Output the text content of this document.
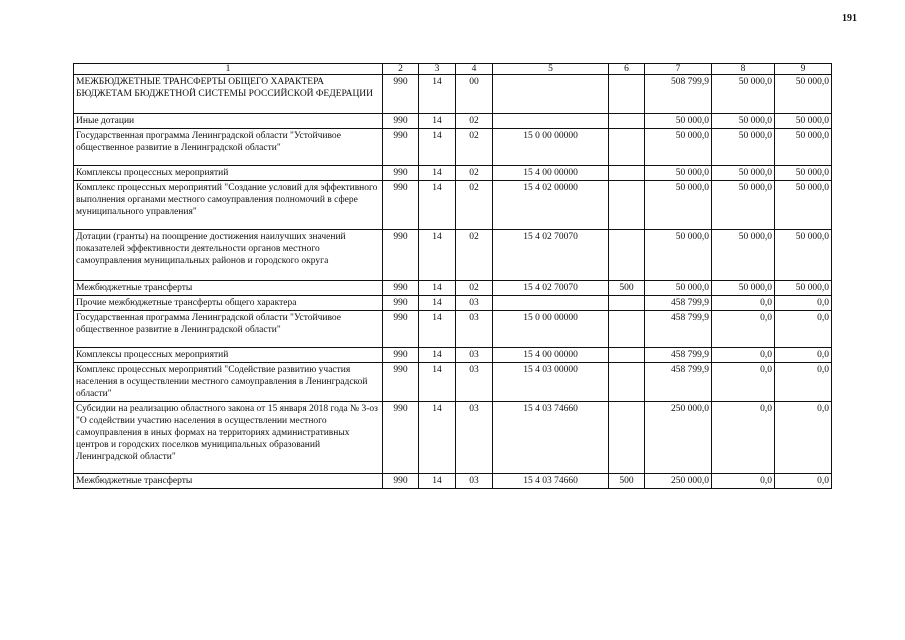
191
1	2	3	4	5	6	7	8	9
МЕЖБЮДЖЕТНЫЕ ТРАНСФЕРТЫ ОБЩЕГО ХАРАКТЕРА БЮДЖЕТАМ БЮДЖЕТНОЙ СИСТЕМЫ РОССИЙСКОЙ ФЕДЕРАЦИИ	990	14	00			508 799,9	50 000,0	50 000,0
Иные дотации	990	14	02			50 000,0	50 000,0	50 000,0
Государственная программа Ленинградской области "Устойчивое общественное развитие в Ленинградской области"	990	14	02	15 0 00 00000		50 000,0	50 000,0	50 000,0
Комплексы процессных мероприятий	990	14	02	15 4 00 00000		50 000,0	50 000,0	50 000,0
Комплекс процессных мероприятий "Создание условий для эффективного выполнения органами местного самоуправления полномочий в сфере муниципального управления"	990	14	02	15 4 02 00000		50 000,0	50 000,0	50 000,0
Дотации (гранты) на поощрение достижения наилучших значений показателей эффективности деятельности органов местного самоуправления муниципальных районов и городского округа	990	14	02	15 4 02 70070		50 000,0	50 000,0	50 000,0
Межбюджетные трансферты	990	14	02	15 4 02 70070	500	50 000,0	50 000,0	50 000,0
Прочие межбюджетные трансферты общего характера	990	14	03			458 799,9	0,0	0,0
Государственная программа Ленинградской области "Устойчивое общественное развитие в Ленинградской области"	990	14	03	15 0 00 00000		458 799,9	0,0	0,0
Комплексы процессных мероприятий	990	14	03	15 4 00 00000		458 799,9	0,0	0,0
Комплекс процессных мероприятий "Содействие развитию участия населения в осуществлении местного самоуправления в Ленинградской области"	990	14	03	15 4 03 00000		458 799,9	0,0	0,0
Субсидии на реализацию областного закона от 15 января 2018 года № 3-оз "О содействии участию населения в осуществлении местного самоуправления в иных формах на территориях административных центров и городских поселков муниципальных образований Ленинградской области"	990	14	03	15 4 03 74660		250 000,0	0,0	0,0
Межбюджетные трансферты	990	14	03	15 4 03 74660	500	250 000,0	0,0	0,0
